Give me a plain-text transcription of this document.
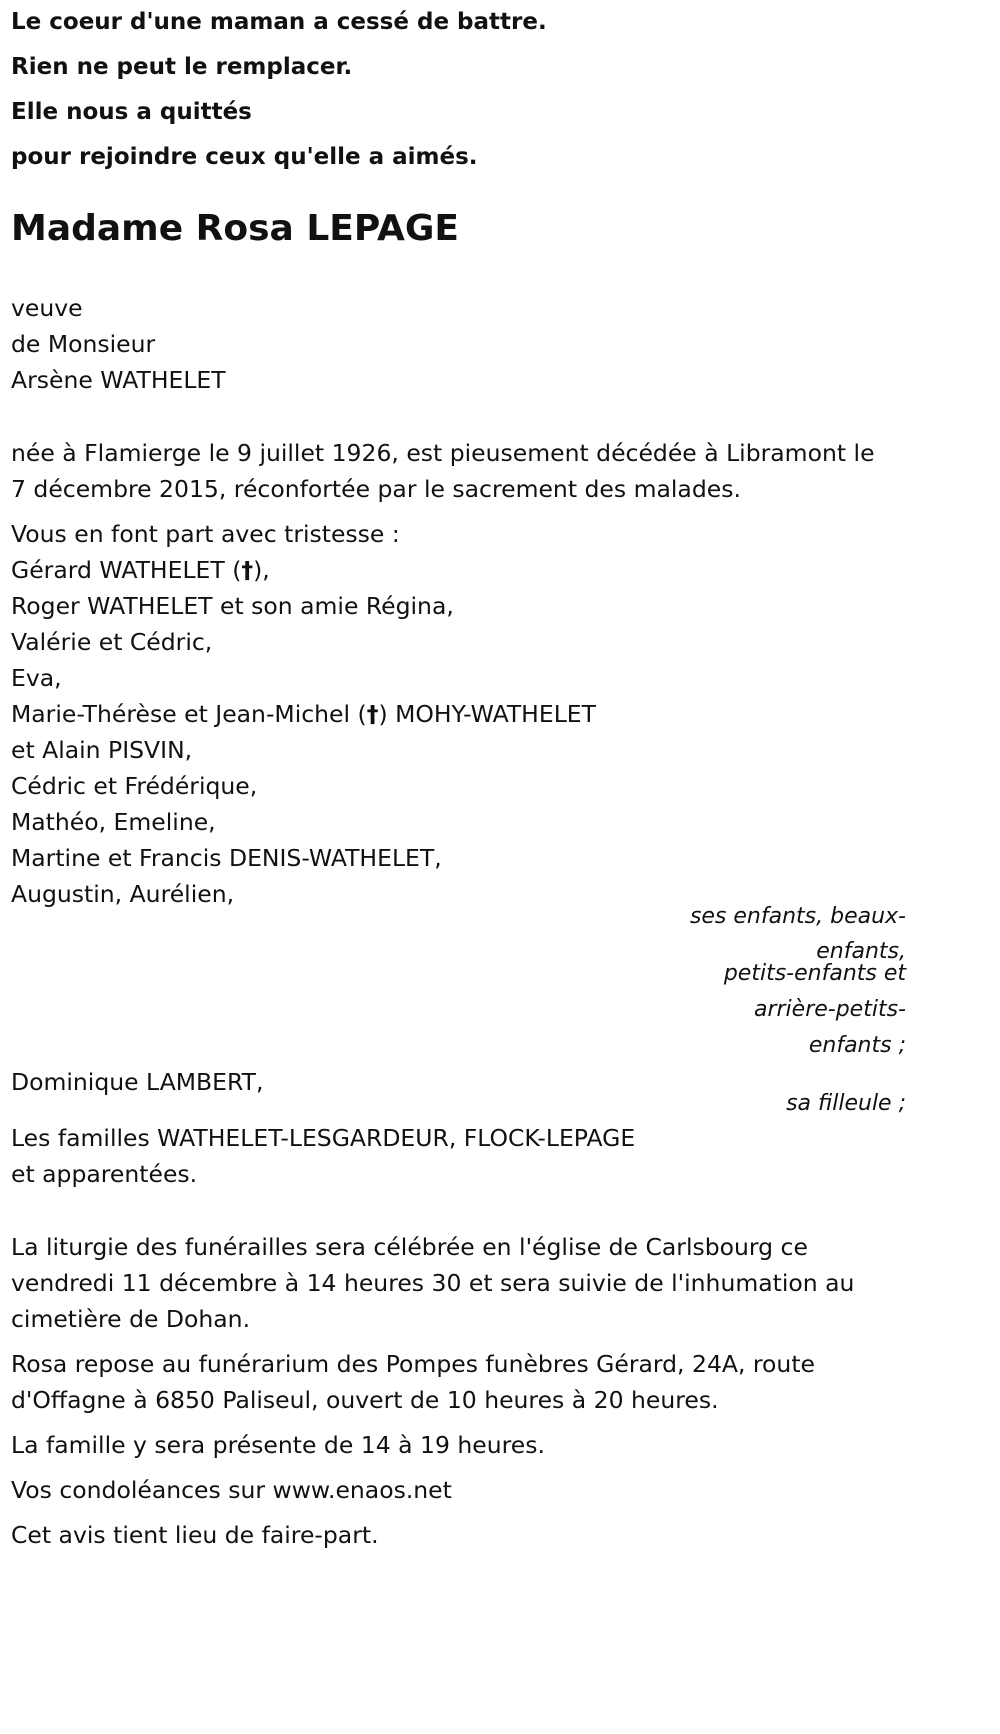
Le coeur d'une maman a cessé de battre.
Rien ne peut le remplacer.
Elle nous a quittés
pour rejoindre ceux qu'elle a aimés.
Madame Rosa LEPAGE
veuve
de Monsieur
Arsène WATHELET
née à Flamierge le 9 juillet 1926, est pieusement décédée à Libramont le
7 décembre 2015, réconfortée par le sacrement des malades.
Vous en font part avec tristesse :
Gérard WATHELET (†),
Roger WATHELET et son amie Régina,
Valérie et Cédric,
Eva,
Marie-Thérèse et Jean-Michel (†) MOHY-WATHELET
et Alain PISVIN,
Cédric et Frédérique,
Mathéo, Emeline,
Martine et Francis DENIS-WATHELET,
Augustin, Aurélien,
ses enfants, beaux-
enfants,
petits-enfants et
arrière-petits-
enfants ;
Dominique LAMBERT,
sa filleule ;
Les familles WATHELET-LESGARDEUR, FLOCK-LEPAGE
et apparentées.
La liturgie des funérailles sera célébrée en l'église de Carlsbourg ce
vendredi 11 décembre à 14 heures 30 et sera suivie de l'inhumation au
cimetière de Dohan.
Rosa repose au funérarium des Pompes funèbres Gérard, 24A, route
d'Offagne à 6850 Paliseul, ouvert de 10 heures à 20 heures.
La famille y sera présente de 14 à 19 heures.
Vos condoléances sur www.enaos.net
Cet avis tient lieu de faire-part.
